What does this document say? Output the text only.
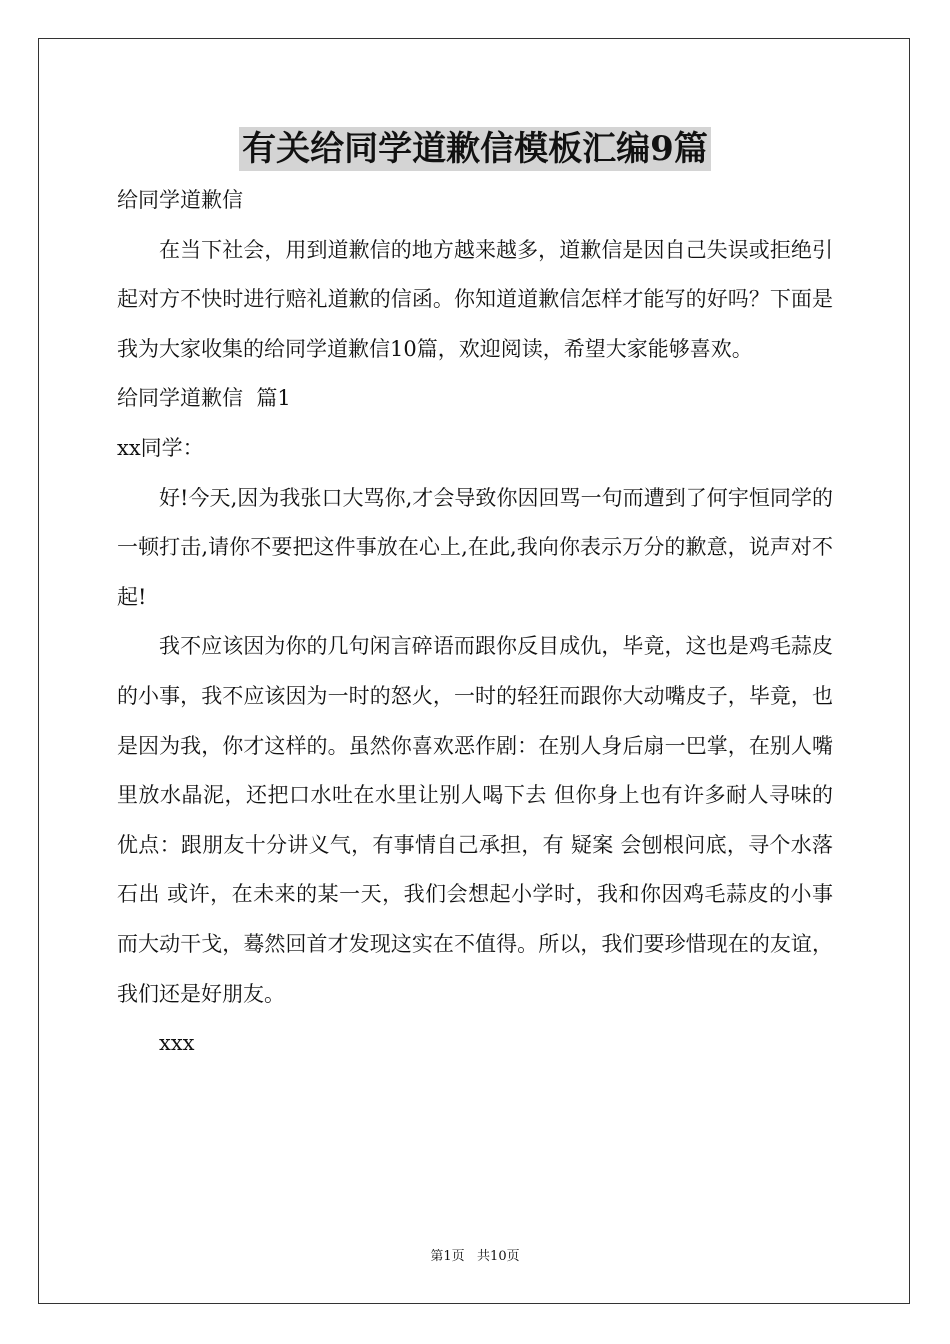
有关给同学道歉信模板汇编9篇

给同学道歉信

在当下社会，用到道歉信的地方越来越多，道歉信是因自己失误或拒绝引起对方不快时进行赔礼道歉的信函。你知道道歉信怎样才能写的好吗？下面是我为大家收集的给同学道歉信10篇，欢迎阅读，希望大家能够喜欢。

给同学道歉信  篇1

xx同学：

好!今天,因为我张口大骂你,才会导致你因回骂一句而遭到了何宇恒同学的一顿打击,请你不要把这件事放在心上,在此,我向你表示万分的歉意，说声对不起!

我不应该因为你的几句闲言碎语而跟你反目成仇，毕竟，这也是鸡毛蒜皮的小事，我不应该因为一时的怒火，一时的轻狂而跟你大动嘴皮子，毕竟，也是因为我，你才这样的。虽然你喜欢恶作剧：在别人身后扇一巴掌，在别人嘴里放水晶泥，还把口水吐在水里让别人喝下去 但你身上也有许多耐人寻味的优点：跟朋友十分讲义气，有事情自己承担，有 疑案 会刨根问底，寻个水落石出 或许，在未来的某一天，我们会想起小学时，我和你因鸡毛蒜皮的小事而大动干戈，蓦然回首才发现这实在不值得。所以，我们要珍惜现在的友谊，我们还是好朋友。

xxx

第1页   共10页
